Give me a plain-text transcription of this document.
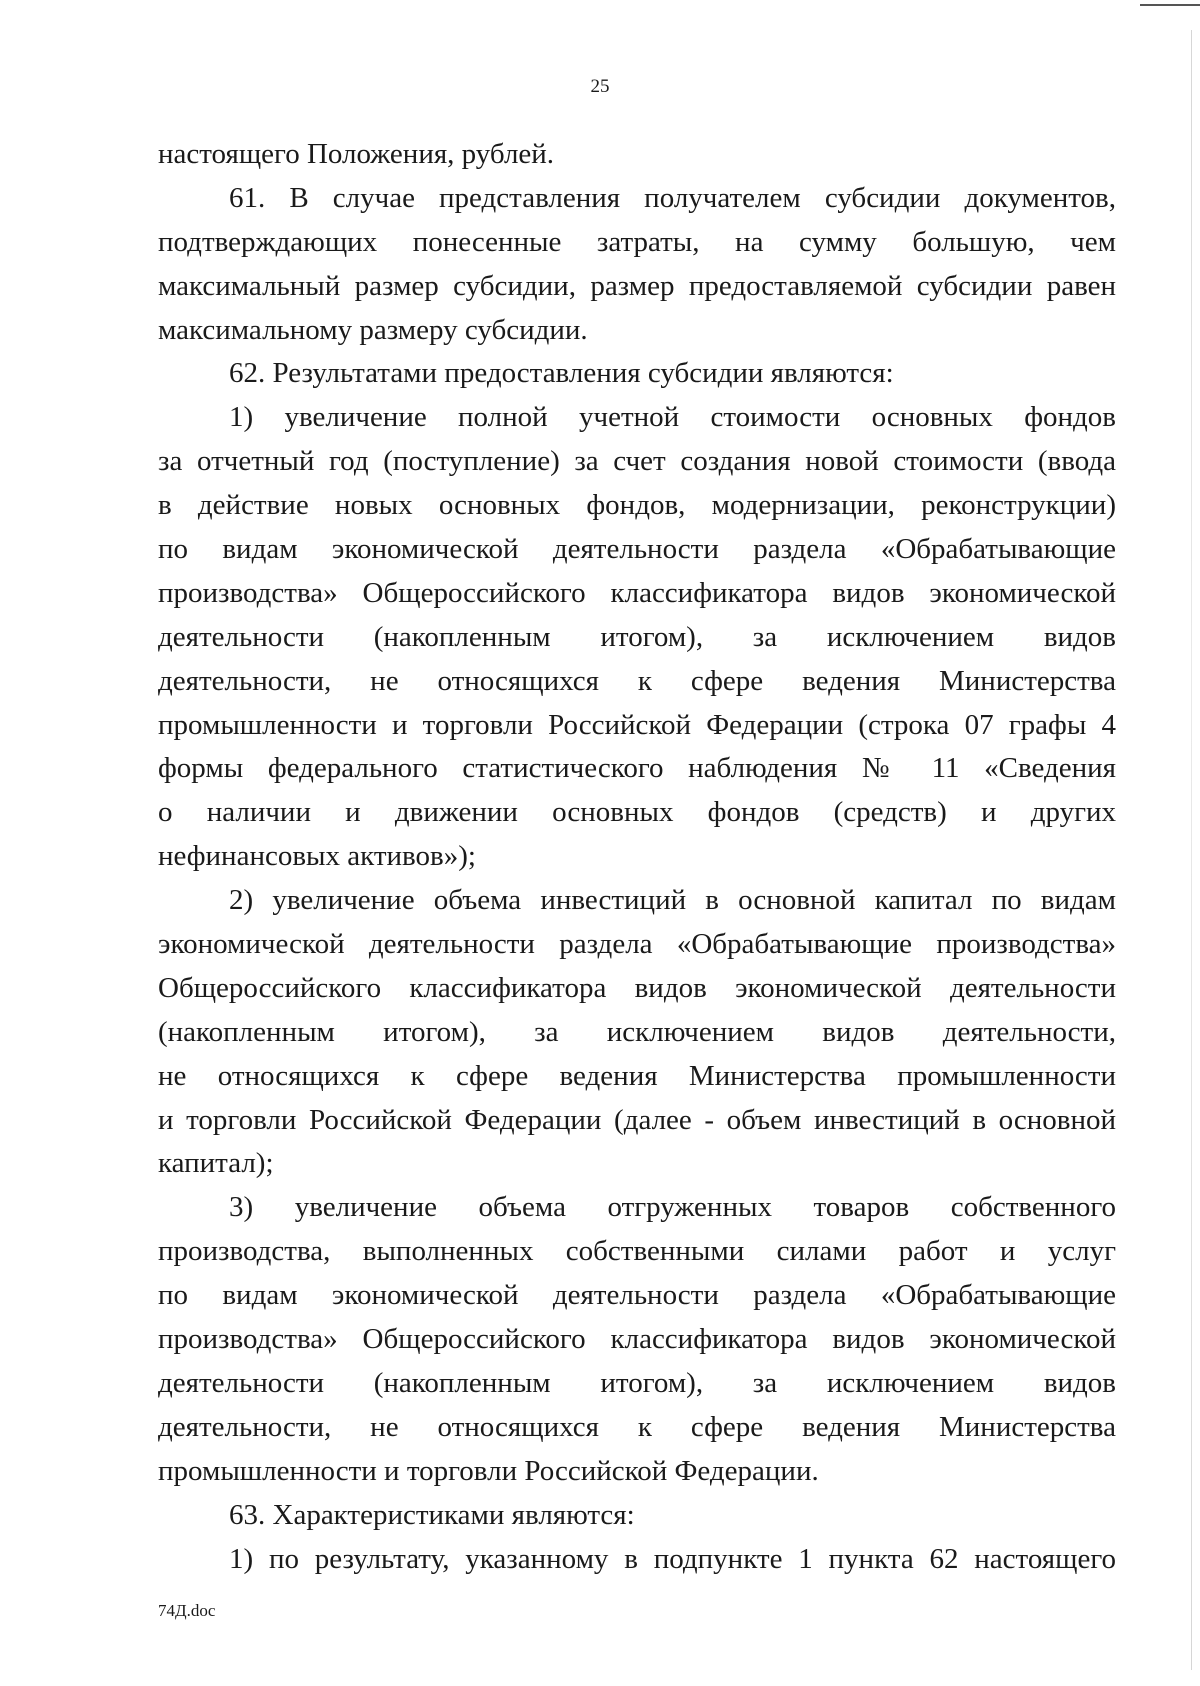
25
настоящего Положения, рублей.
61. В случае представления получателем субсидии документов,
подтверждающих понесенные затраты, на сумму большую, чем
максимальный размер субсидии, размер предоставляемой субсидии равен
максимальному размеру субсидии.
62. Результатами предоставления субсидии являются:
1) увеличение полной учетной стоимости основных фондов
за отчетный год (поступление) за счет создания новой стоимости (ввода
в действие новых основных фондов, модернизации, реконструкции)
по видам экономической деятельности раздела «Обрабатывающие
производства» Общероссийского классификатора видов экономической
деятельности (накопленным итогом), за исключением видов
деятельности, не относящихся к сфере ведения Министерства
промышленности и торговли Российской Федерации (строка 07 графы 4
формы федерального статистического наблюдения № 11 «Сведения
о наличии и движении основных фондов (средств) и других
нефинансовых активов»);
2) увеличение объема инвестиций в основной капитал по видам
экономической деятельности раздела «Обрабатывающие производства»
Общероссийского классификатора видов экономической деятельности
(накопленным итогом), за исключением видов деятельности,
не относящихся к сфере ведения Министерства промышленности
и торговли Российской Федерации (далее - объем инвестиций в основной
капитал);
3) увеличение объема отгруженных товаров собственного
производства, выполненных собственными силами работ и услуг
по видам экономической деятельности раздела «Обрабатывающие
производства» Общероссийского классификатора видов экономической
деятельности (накопленным итогом), за исключением видов
деятельности, не относящихся к сфере ведения Министерства
промышленности и торговли Российской Федерации.
63. Характеристиками являются:
1) по результату, указанному в подпункте 1 пункта 62 настоящего
74Д.doc
